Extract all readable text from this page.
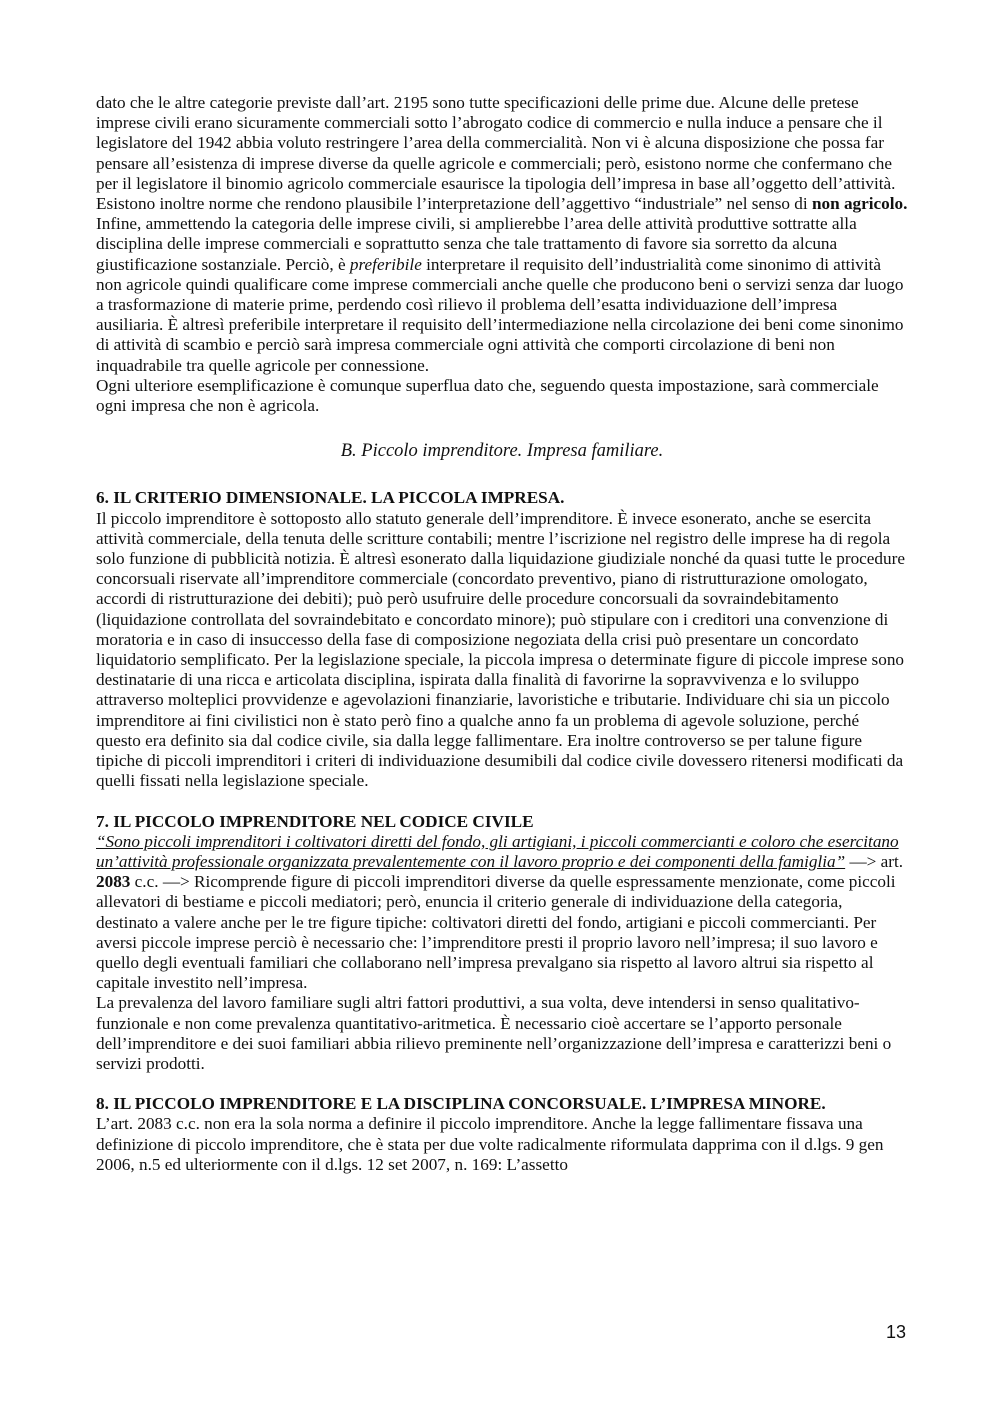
dato che le altre categorie previste dall’art. 2195 sono tutte specificazioni delle prime due. Alcune delle pretese imprese civili erano sicuramente commerciali sotto l’abrogato codice di commercio e nulla induce a pensare che il legislatore del 1942 abbia voluto restringere l’area della commercialità. Non vi è alcuna disposizione che possa far pensare all’esistenza di imprese diverse da quelle agricole e commerciali; però, esistono norme che confermano che per il legislatore il binomio agricolo commerciale esaurisce la tipologia dell’impresa in base all’oggetto dell’attività. Esistono inoltre norme che rendono plausibile l’interpretazione dell’aggettivo “industriale” nel senso di non agricolo.

Infine, ammettendo la categoria delle imprese civili, si amplierebbe l’area delle attività produttive sottratte alla disciplina delle imprese commerciali e soprattutto senza che tale trattamento di favore sia sorretto da alcuna giustificazione sostanziale. Perciò, è preferibile interpretare il requisito dell’industrialità come sinonimo di attività non agricole quindi qualificare come imprese commerciali anche quelle che producono beni o servizi senza dar luogo a trasformazione di materie prime, perdendo così rilievo il problema dell’esatta individuazione dell’impresa ausiliaria. È altresì preferibile interpretare il requisito dell’intermediazione nella circolazione dei beni come sinonimo di attività di scambio e perciò sarà impresa commerciale ogni attività che comporti circolazione di beni non inquadrabile tra quelle agricole per connessione.

Ogni ulteriore esemplificazione è comunque superflua dato che, seguendo questa impostazione, sarà commerciale ogni impresa che non è agricola.

B. Piccolo imprenditore. Impresa familiare.

6. IL CRITERIO DIMENSIONALE. LA PICCOLA IMPRESA.

Il piccolo imprenditore è sottoposto allo statuto generale dell’imprenditore. È invece esonerato, anche se esercita attività commerciale, della tenuta delle scritture contabili; mentre l’iscrizione nel registro delle imprese ha di regola solo funzione di pubblicità notizia. È altresì esonerato dalla liquidazione giudiziale nonché da quasi tutte le procedure concorsuali riservate all’imprenditore commerciale (concordato preventivo, piano di ristrutturazione omologato, accordi di ristrutturazione dei debiti); può però usufruire delle procedure concorsuali da sovraindebitamento (liquidazione controllata del sovraindebitato e concordato minore); può stipulare con i creditori una convenzione di moratoria e in caso di insuccesso della fase di composizione negoziata della crisi può presentare un concordato liquidatorio semplificato. Per la legislazione speciale, la piccola impresa o determinate figure di piccole imprese sono destinatarie di una ricca e articolata disciplina, ispirata dalla finalità di favorirne la sopravvivenza e lo sviluppo attraverso molteplici provvidenze e agevolazioni finanziarie, lavoristiche e tributarie. Individuare chi sia un piccolo imprenditore ai fini civilistici non è stato però fino a qualche anno fa un problema di agevole soluzione, perché questo era definito sia dal codice civile, sia dalla legge fallimentare. Era inoltre controverso se per talune figure tipiche di piccoli imprenditori i criteri di individuazione desumibili dal codice civile dovessero ritenersi modificati da quelli fissati nella legislazione speciale.

7. IL PICCOLO IMPRENDITORE NEL CODICE CIVILE

“Sono piccoli imprenditori i coltivatori diretti del fondo, gli artigiani, i piccoli commercianti e coloro che esercitano un’attività professionale organizzata prevalentemente con il lavoro proprio e dei componenti della famiglia” —> art. 2083 c.c. —> Ricomprende figure di piccoli imprenditori diverse da quelle espressamente menzionate, come piccoli allevatori di bestiame e piccoli mediatori; però, enuncia il criterio generale di individuazione della categoria, destinato a valere anche per le tre figure tipiche: coltivatori diretti del fondo, artigiani e piccoli commercianti. Per aversi piccole imprese perciò è necessario che: l’imprenditore presti il proprio lavoro nell’impresa; il suo lavoro e quello degli eventuali familiari che collaborano nell’impresa prevalgano sia rispetto al lavoro altrui sia rispetto al capitale investito nell’impresa.

La prevalenza del lavoro familiare sugli altri fattori produttivi, a sua volta, deve intendersi in senso qualitativo-funzionale e non come prevalenza quantitativo-aritmetica. È necessario cioè accertare se l’apporto personale dell’imprenditore e dei suoi familiari abbia rilievo preminente nell’organizzazione dell’impresa e caratterizzi beni o servizi prodotti.

8. IL PICCOLO IMPRENDITORE E LA DISCIPLINA CONCORSUALE. L’IMPRESA MINORE.

L’art. 2083 c.c. non era la sola norma a definire il piccolo imprenditore. Anche la legge fallimentare fissava una definizione di piccolo imprenditore, che è stata per due volte radicalmente riformulata dapprima con il d.lgs. 9 gen 2006, n.5 ed ulteriormente con il d.lgs. 12 set 2007, n. 169: L’assetto

13
